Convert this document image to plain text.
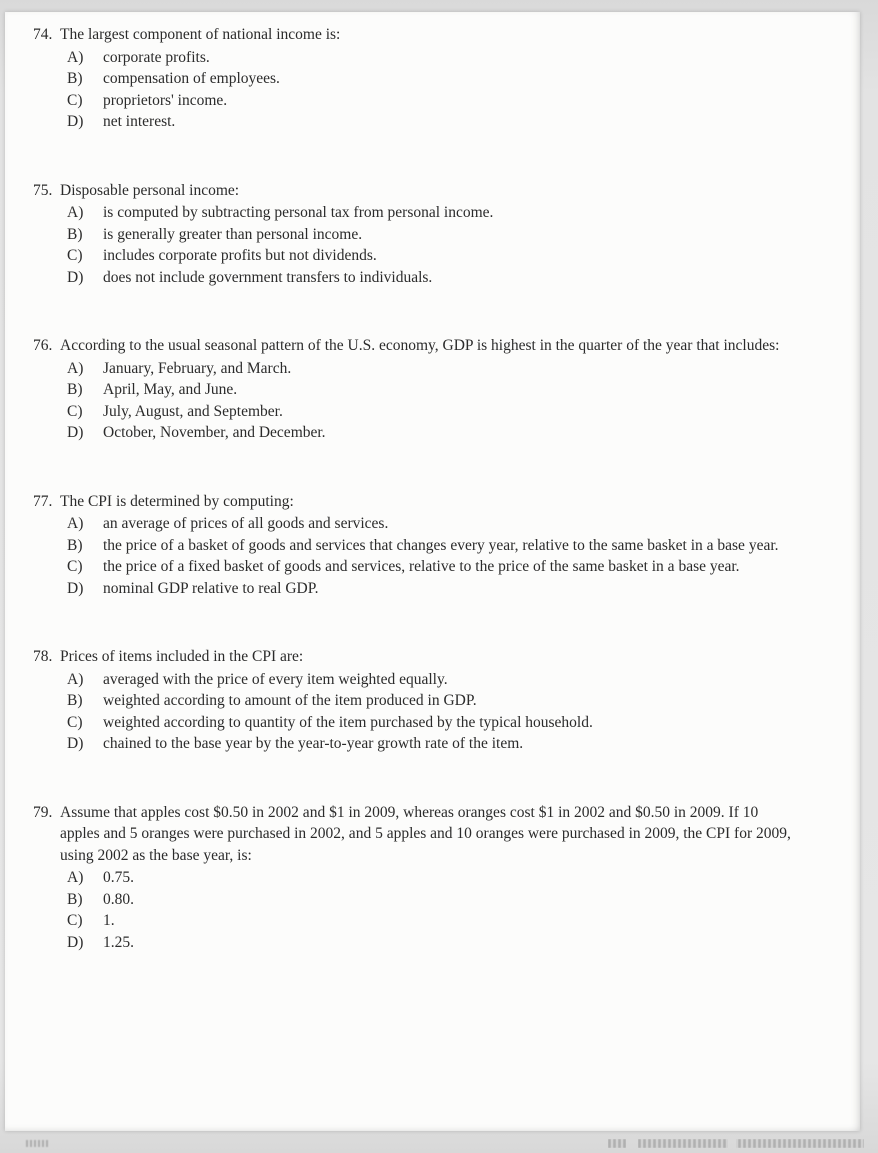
74. The largest component of national income is:
A)	corporate profits.
B)	compensation of employees.
C)	proprietors' income.
D)	net interest.
75. Disposable personal income:
A)	is computed by subtracting personal tax from personal income.
B)	is generally greater than personal income.
C)	includes corporate profits but not dividends.
D)	does not include government transfers to individuals.
76. According to the usual seasonal pattern of the U.S. economy, GDP is highest in the quarter of the year that includes:
A)	January, February, and March.
B)	April, May, and June.
C)	July, August, and September.
D)	October, November, and December.
77. The CPI is determined by computing:
A)	an average of prices of all goods and services.
B)	the price of a basket of goods and services that changes every year, relative to the same basket in a base year.
C)	the price of a fixed basket of goods and services, relative to the price of the same basket in a base year.
D)	nominal GDP relative to real GDP.
78. Prices of items included in the CPI are:
A)	averaged with the price of every item weighted equally.
B)	weighted according to amount of the item produced in GDP.
C)	weighted according to quantity of the item purchased by the typical household.
D)	chained to the base year by the year-to-year growth rate of the item.
79. Assume that apples cost $0.50 in 2002 and $1 in 2009, whereas oranges cost $1 in 2002 and $0.50 in 2009. If 10 apples and 5 oranges were purchased in 2002, and 5 apples and 10 oranges were purchased in 2009, the CPI for 2009, using 2002 as the base year, is:
A)	0.75.
B)	0.80.
C)	1.
D)	1.25.
